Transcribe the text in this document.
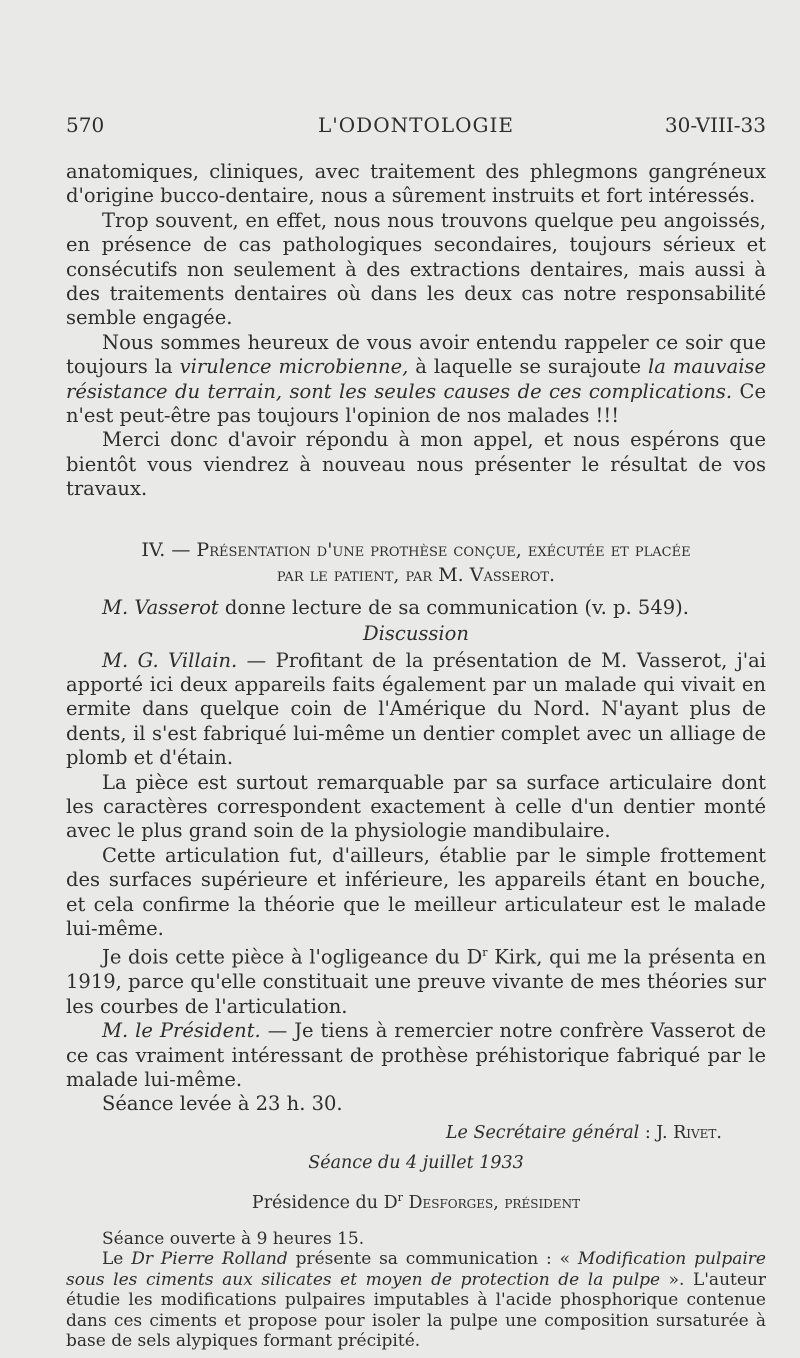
570	L'ODONTOLOGIE	30-VIII-33

anatomiques, cliniques, avec traitement des phlegmons gangréneux d'origine bucco-dentaire, nous a sûrement instruits et fort intéressés.

Trop souvent, en effet, nous nous trouvons quelque peu angoissés, en présence de cas pathologiques secondaires, toujours sérieux et consécutifs non seulement à des extractions dentaires, mais aussi à des traitements dentaires où dans les deux cas notre responsabilité semble engagée.

Nous sommes heureux de vous avoir entendu rappeler ce soir que toujours la virulence microbienne, à laquelle se surajoute la mauvaise résistance du terrain, sont les seules causes de ces complications. Ce n'est peut-être pas toujours l'opinion de nos malades !!!

Merci donc d'avoir répondu à mon appel, et nous espérons que bientôt vous viendrez à nouveau nous présenter le résultat de vos travaux.

IV. — Présentation d'une prothèse conçue, exécutée et placée
par le patient, par M. Vasserot.

M. Vasserot donne lecture de sa communication (v. p. 549).

Discussion

M. G. Villain. — Profitant de la présentation de M. Vasserot, j'ai apporté ici deux appareils faits également par un malade qui vivait en ermite dans quelque coin de l'Amérique du Nord. N'ayant plus de dents, il s'est fabriqué lui-même un dentier complet avec un alliage de plomb et d'étain.

La pièce est surtout remarquable par sa surface articulaire dont les caractères correspondent exactement à celle d'un dentier monté avec le plus grand soin de la physiologie mandibulaire.

Cette articulation fut, d'ailleurs, établie par le simple frottement des surfaces supérieure et inférieure, les appareils étant en bouche, et cela confirme la théorie que le meilleur articulateur est le malade lui-même.

Je dois cette pièce à l'ogligeance du $D^r$ Kirk, qui me la présenta en 1919, parce qu'elle constituait une preuve vivante de mes théories sur les courbes de l'articulation.

M. le Président. — Je tiens à remercier notre confrère Vasserot de ce cas vraiment intéressant de prothèse préhistorique fabriqué par le malade lui-même.

Séance levée à 23 h. 30.

Le Secrétaire général : J. Rivet.
Séance du 4 juillet 1933
Présidence du $D^r$ Desforges, président

Séance ouverte à 9 heures 15.

Le Dr Pierre Rolland présente sa communication : « Modification pulpaire sous les ciments aux silicates et moyen de protection de la pulpe ». L'auteur étudie les modifications pulpaires imputables à l'acide phosphorique contenue dans ces ciments et propose pour isoler la pulpe une composition sursaturée à base de sels alypiques formant précipité.
